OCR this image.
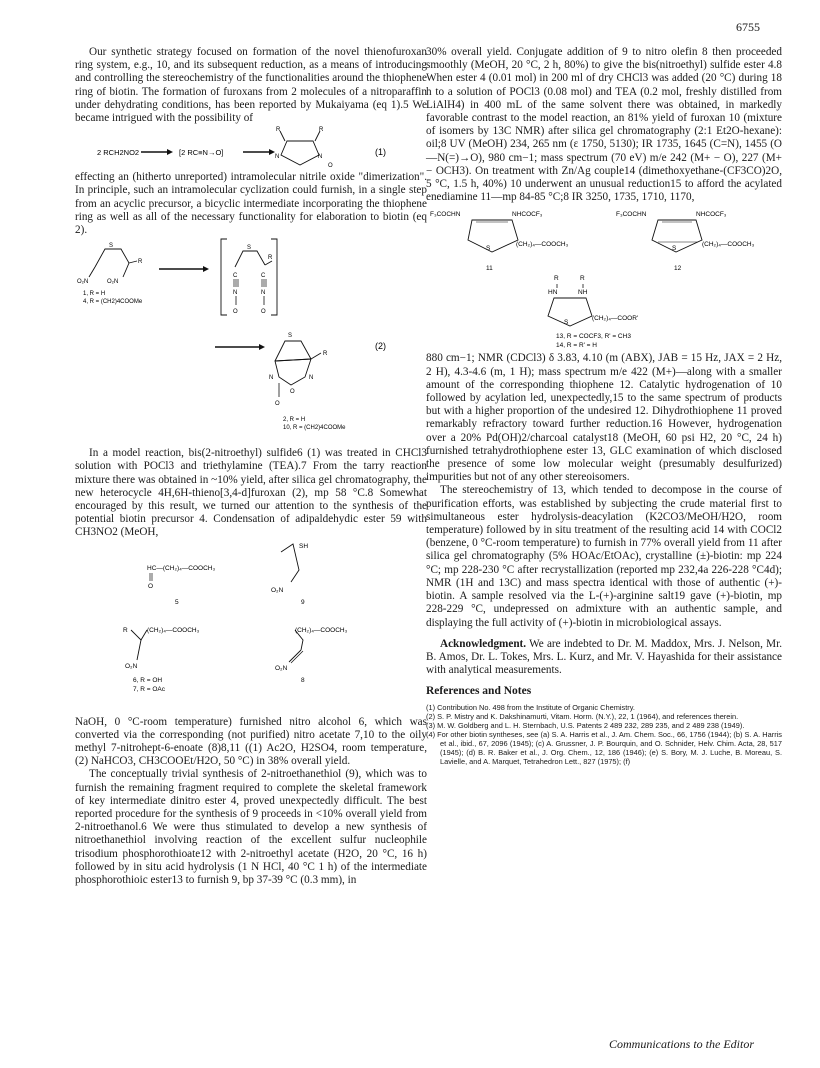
6755

Our synthetic strategy focused on formation of the novel thienofuroxan ring system, e.g., 10, and its subsequent reduction, as a means of introducing and controlling the stereochemistry of the functionalities around the thiophene ring of biotin. The formation of furoxans from 2 molecules of a nitroparaffin under dehydrating conditions, has been reported by Mukaiyama (eq 1).5 We became intrigued with the possibility of

2 RCH2NO2	[2 RC≡N→O]
R	R
N	N
O
(1)

effecting an (hitherto unreported) intramolecular nitrile oxide "dimerization". In principle, such an intramolecular cyclization could furnish, in a single step from an acyclic precursor, a bicyclic intermediate incorporating the thiophene ring as well as all of the necessary functionality for elaboration to biotin (eq 2).

S
R
O₂N	O₂N
1, R = H
4, R = (CH2)4COOMe
S
R
C	C
N	N
O	O
S
R
N	N
O
O
2, R = H
10, R = (CH2)4COOMe
(2)

In a model reaction, bis(2-nitroethyl) sulfide6 (1) was treated in CHCl3 solution with POCl3 and triethylamine (TEA).7 From the tarry reaction mixture there was obtained in ~10% yield, after silica gel chromatography, the new heterocycle 4H,6H-thieno[3,4-d]furoxan (2), mp 58 °C.8 Somewhat encouraged by this result, we turned our attention to the synthesis of the potential biotin precursor 4. Condensation of adipaldehydic ester 59 with CH3NO2 (MeOH,

HC—(CH₂)₄—COOCH₃
O
5
SH
O₂N
9
R	(CH₂)₄—COOCH₃
O₂N
6, R = OH
7, R = OAc
(CH₂)₄—COOCH₃
O₂N
8

NaOH, 0 °C-room temperature) furnished nitro alcohol 6, which was converted via the corresponding (not purified) nitro acetate 7,10 to the oily methyl 7-nitrohept-6-enoate (8)8,11 ((1) Ac2O, H2SO4, room temperature, (2) NaHCO3, CH3COOEt/H2O, 50 °C) in 38% overall yield.

The conceptually trivial synthesis of 2-nitroethanethiol (9), which was to furnish the remaining fragment required to complete the skeletal framework of key intermediate dinitro ester 4, proved unexpectedly difficult. The best reported procedure for the synthesis of 9 proceeds in <10% overall yield from 2-nitroethanol.6 We were thus stimulated to develop a new synthesis of nitroethanethiol involving reaction of the excellent sulfur nucleophile trisodium phosphorothioate12 with 2-nitroethyl acetate (H2O, 20 °C, 16 h) followed by in situ acid hydrolysis (1 N HCl, 40 °C 1 h) of the intermediate phosphorothioic ester13 to furnish 9, bp 37-39 °C (0.3 mm), in

30% overall yield. Conjugate addition of 9 to nitro olefin 8 then proceeded smoothly (MeOH, 20 °C, 2 h, 80%) to give the bis(nitroethyl) sulfide ester 4.8 When ester 4 (0.01 mol) in 200 ml of dry CHCl3 was added (20 °C) during 18 h to a solution of POCl3 (0.08 mol) and TEA (0.2 mol, freshly distilled from LiAlH4) in 400 mL of the same solvent there was obtained, in markedly favorable contrast to the model reaction, an 81% yield of furoxan 10 (mixture of isomers by 13C NMR) after silica gel chromatography (2:1 Et2O-hexane): oil;8 UV (MeOH) 234, 265 nm (ε 1750, 5130); IR 1735, 1645 (C=N), 1455 (O—N(=)→O), 980 cm−1; mass spectrum (70 eV) m/e 242 (M+ − O), 227 (M+ − OCH3). On treatment with Zn/Ag couple14 (dimethoxyethane-(CF3CO)2O, 5 °C, 1.5 h, 40%) 10 underwent an unusual reduction15 to afford the acylated enediamine 11—mp 84-85 °C;8 IR 3250, 1735, 1710, 1170,

F₃COCHN	NHCOCF₃
S
(CH₂)₄—COOCH₃
11
F₃COCHN	NHCOCF₃
S
(CH₂)₄—COOCH₃
12
R	R
HN	NH
S
(CH₂)₄—COOR'
13, R = COCF3, R' = CH3
14, R = R' = H

880 cm−1; NMR (CDCl3) δ 3.83, 4.10 (m (ABX), JAB = 15 Hz, JAX = 2 Hz, 2 H), 4.3-4.6 (m, 1 H); mass spectrum m/e 422 (M+)—along with a smaller amount of the corresponding thiophene 12. Catalytic hydrogenation of 10 followed by acylation led, unexpectedly,15 to the same spectrum of products but with a higher proportion of the undesired 12. Dihydrothiophene 11 proved remarkably refractory toward further reduction.16 However, hydrogenation over a 20% Pd(OH)2/charcoal catalyst18 (MeOH, 60 psi H2, 20 °C, 24 h) furnished tetrahydrothiophene ester 13, GLC examination of which disclosed the presence of some low molecular weight (presumably desulfurized) impurities but not of any other stereoisomers.

The stereochemistry of 13, which tended to decompose in the course of purification efforts, was established by subjecting the crude material first to simultaneous ester hydrolysis-deacylation (K2CO3/MeOH/H2O, room temperature) followed by in situ treatment of the resulting acid 14 with COCl2 (benzene, 0 °C-room temperature) to furnish in 77% overall yield from 11 after silica gel chromatography (5% HOAc/EtOAc), crystalline (±)-biotin: mp 224 °C; mp 228-230 °C after recrystallization (reported mp 232,4a 226-228 °C4d); NMR (1H and 13C) and mass spectra identical with those of authentic (+)-biotin. A sample resolved via the L-(+)-arginine salt19 gave (+)-biotin, mp 228-229 °C, undepressed on admixture with an authentic sample, and displaying the full activity of (+)-biotin in microbiological assays.

Acknowledgment. We are indebted to Dr. M. Maddox, Mrs. J. Nelson, Mr. B. Amos, Dr. L. Tokes, Mrs. L. Kurz, and Mr. V. Hayashida for their assistance with analytical measurements.

References and Notes
(1) Contribution No. 498 from the Institute of Organic Chemistry.
(2) S. P. Mistry and K. Dakshinamurti, Vitam. Horm. (N.Y.), 22, 1 (1964), and references therein.
(3) M. W. Goldberg and L. H. Sternbach, U.S. Patents 2 489 232, 289 235, and 2 489 238 (1949).
(4) For other biotin syntheses, see (a) S. A. Harris et al., J. Am. Chem. Soc., 66, 1756 (1944); (b) S. A. Harris et al., ibid., 67, 2096 (1945); (c) A. Grussner, J. P. Bourquin, and O. Schnider, Helv. Chim. Acta, 28, 517 (1945); (d) B. R. Baker et al., J. Org. Chem., 12, 186 (1946); (e) S. Bory, M. J. Luche, B. Moreau, S. Lavielle, and A. Marquet, Tetrahedron Lett., 827 (1975); (f)
Communications to the Editor
